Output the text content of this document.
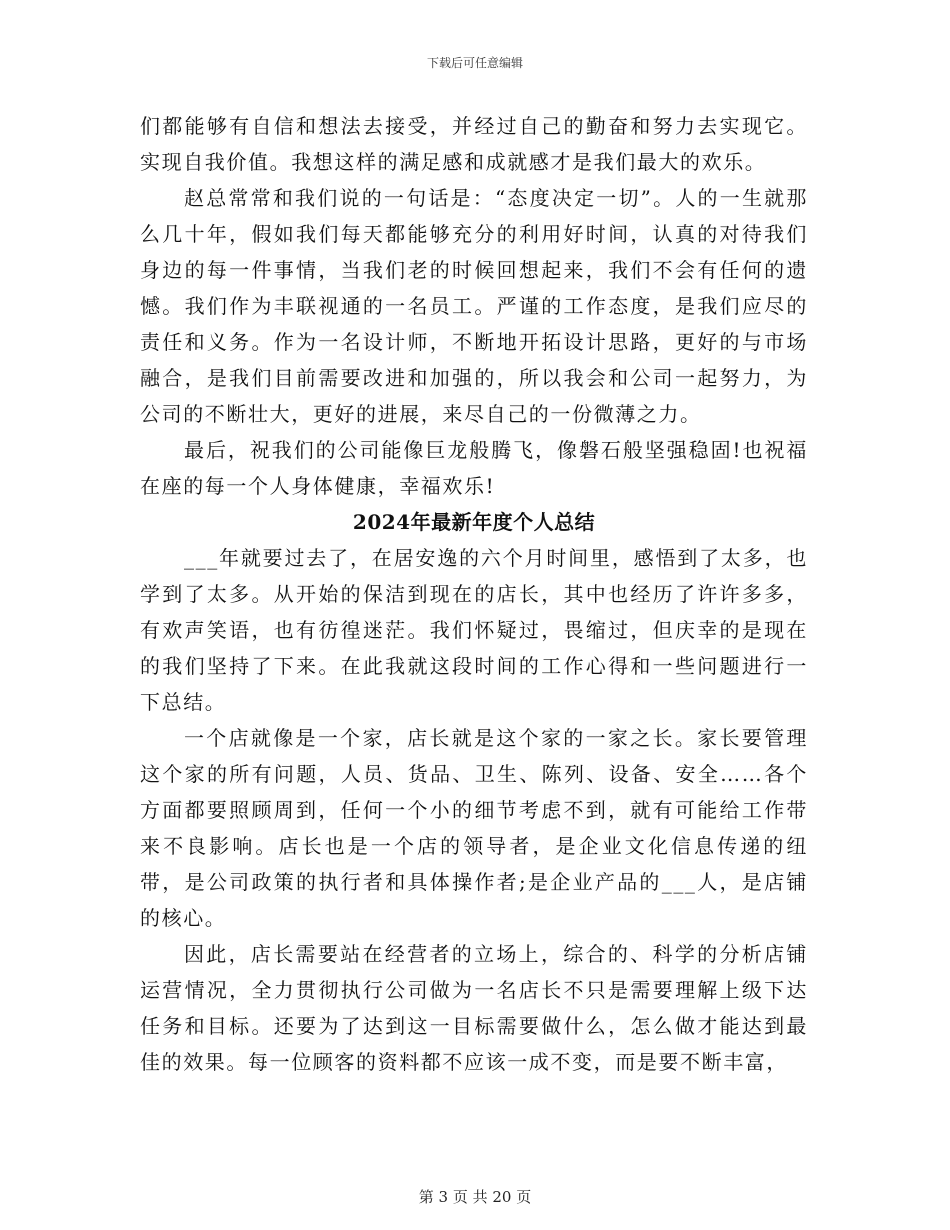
下载后可任意编辑

们都能够有自信和想法去接受，并经过自己的勤奋和努力去实现它。实现自我价值。我想这样的满足感和成就感才是我们最大的欢乐。

赵总常常和我们说的一句话是：“态度决定一切”。人的一生就那么几十年，假如我们每天都能够充分的利用好时间，认真的对待我们身边的每一件事情，当我们老的时候回想起来，我们不会有任何的遗憾。我们作为丰联视通的一名员工。严谨的工作态度，是我们应尽的责任和义务。作为一名设计师，不断地开拓设计思路，更好的与市场融合，是我们目前需要改进和加强的，所以我会和公司一起努力，为公司的不断壮大，更好的进展，来尽自己的一份微薄之力。

最后，祝我们的公司能像巨龙般腾飞，像磐石般坚强稳固!也祝福在座的每一个人身体健康，幸福欢乐!

2024年最新年度个人总结

___年就要过去了，在居安逸的六个月时间里，感悟到了太多，也学到了太多。从开始的保洁到现在的店长，其中也经历了许许多多，有欢声笑语，也有彷徨迷茫。我们怀疑过，畏缩过，但庆幸的是现在的我们坚持了下来。在此我就这段时间的工作心得和一些问题进行一下总结。

一个店就像是一个家，店长就是这个家的一家之长。家长要管理这个家的所有问题，人员、货品、卫生、陈列、设备、安全……各个方面都要照顾周到，任何一个小的细节考虑不到，就有可能给工作带来不良影响。店长也是一个店的领导者，是企业文化信息传递的纽带，是公司政策的执行者和具体操作者;是企业产品的___人，是店铺的核心。

因此，店长需要站在经营者的立场上，综合的、科学的分析店铺运营情况，全力贯彻执行公司做为一名店长不只是需要理解上级下达任务和目标。还要为了达到这一目标需要做什么，怎么做才能达到最佳的效果。每一位顾客的资料都不应该一成不变，而是要不断丰富，

第 3 页 共 20 页
